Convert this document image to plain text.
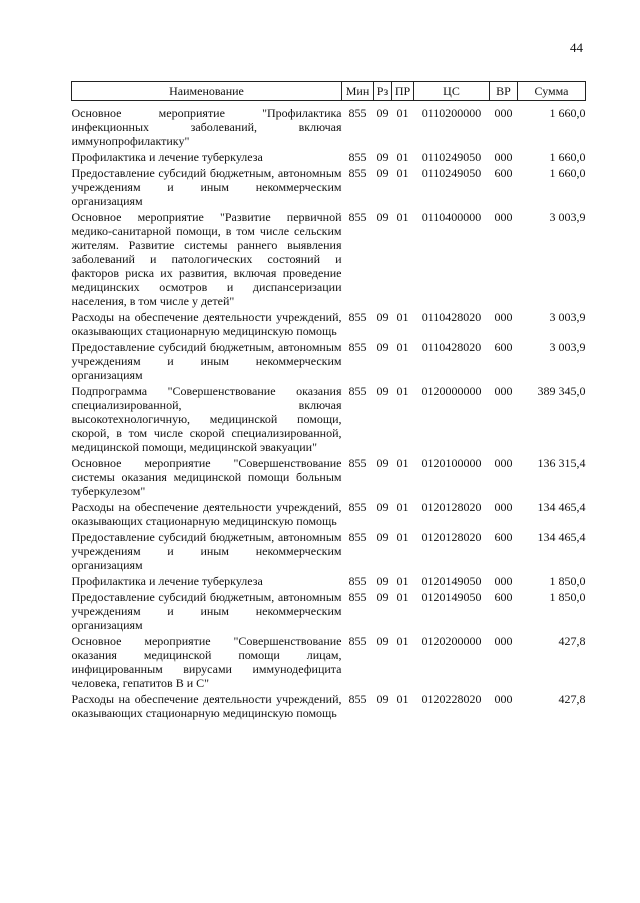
44
Наименование	Мин	Рз	ПР	ЦС	ВР	Сумма

Основное мероприятие "Профилактика инфекционных заболеваний, включая иммунопрофилактику"	855	09	01	0110200000	000	1 660,0
Профилактика и лечение туберкулеза	855	09	01	0110249050	000	1 660,0
Предоставление субсидий бюджетным, автономным учреждениям и иным некоммерческим организациям	855	09	01	0110249050	600	1 660,0
Основное мероприятие "Развитие первичной медико-санитарной помощи, в том числе сельским жителям. Развитие системы раннего выявления заболеваний и патологических состояний и факторов риска их развития, включая проведение медицинских осмотров и диспансеризации населения, в том числе у детей"	855	09	01	0110400000	000	3 003,9
Расходы на обеспечение деятельности учреждений, оказывающих стационарную медицинскую помощь	855	09	01	0110428020	000	3 003,9
Предоставление субсидий бюджетным, автономным учреждениям и иным некоммерческим организациям	855	09	01	0110428020	600	3 003,9
Подпрограмма "Совершенствование оказания специализированной, включая высокотехнологичную, медицинской помощи, скорой, в том числе скорой специализированной, медицинской помощи, медицинской эвакуации"	855	09	01	0120000000	000	389 345,0
Основное мероприятие "Совершенствование системы оказания медицинской помощи больным туберкулезом"	855	09	01	0120100000	000	136 315,4
Расходы на обеспечение деятельности учреждений, оказывающих стационарную медицинскую помощь	855	09	01	0120128020	000	134 465,4
Предоставление субсидий бюджетным, автономным учреждениям и иным некоммерческим организациям	855	09	01	0120128020	600	134 465,4
Профилактика и лечение туберкулеза	855	09	01	0120149050	000	1 850,0
Предоставление субсидий бюджетным, автономным учреждениям и иным некоммерческим организациям	855	09	01	0120149050	600	1 850,0
Основное мероприятие "Совершенствование оказания медицинской помощи лицам, инфицированным вирусами иммунодефицита человека, гепатитов В и С"	855	09	01	0120200000	000	427,8
Расходы на обеспечение деятельности учреждений, оказывающих стационарную медицинскую помощь	855	09	01	0120228020	000	427,8
